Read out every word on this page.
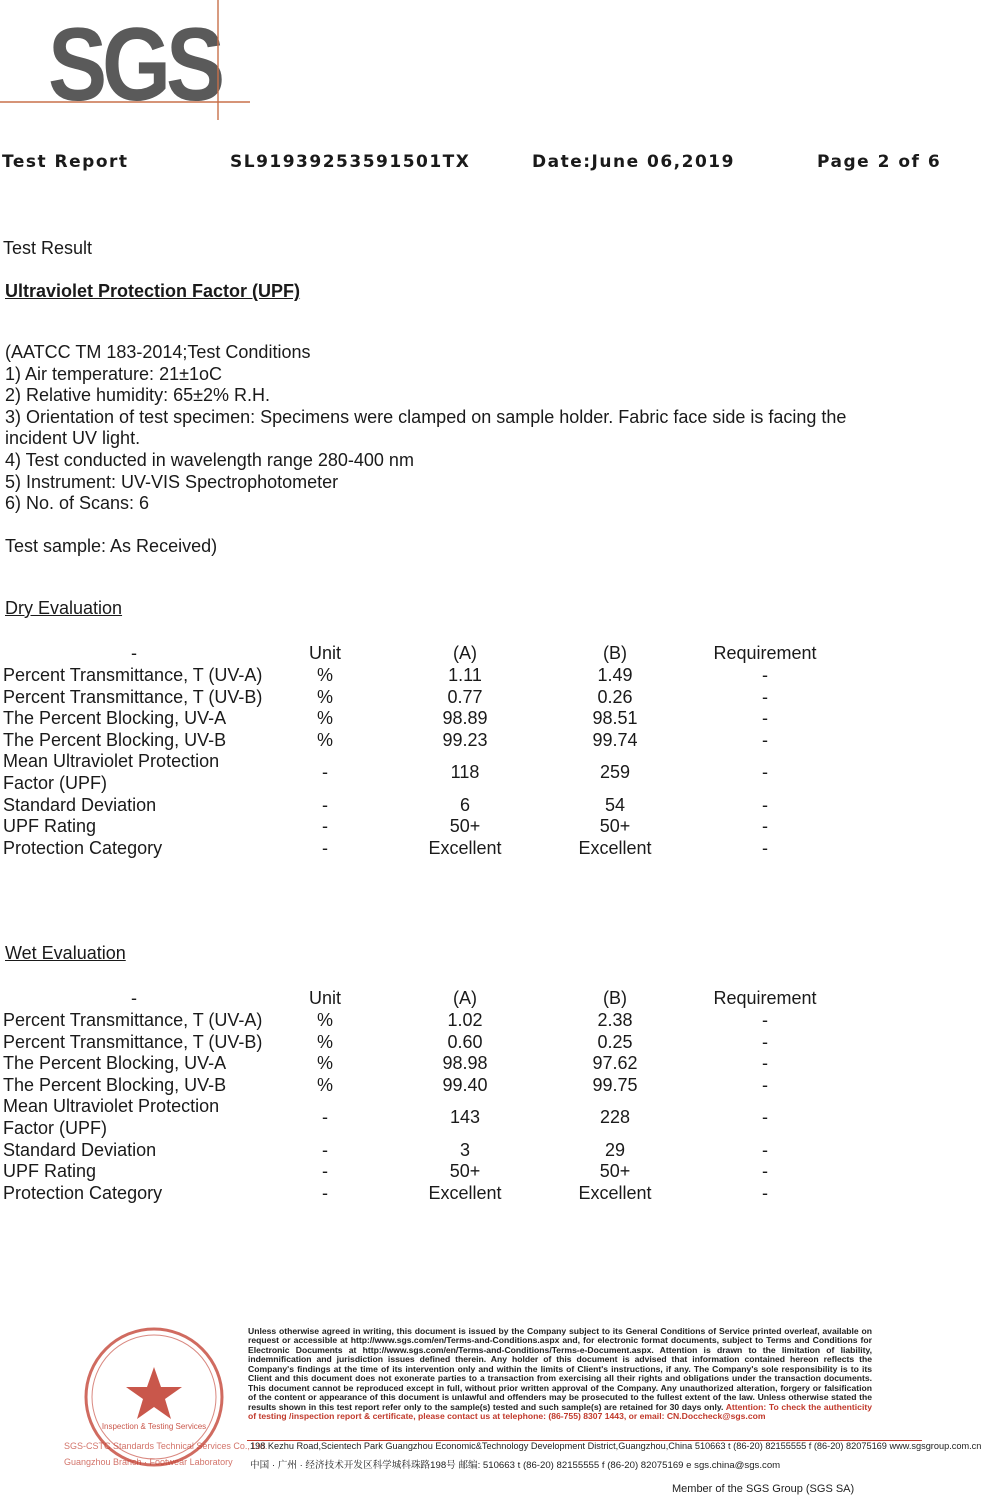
SGS
Test Report	SL91939253591501TX	Date:June 06,2019	Page 2 of 6
Test Result
Ultraviolet Protection Factor (UPF)
(AATCC TM 183-2014;Test Conditions
1) Air temperature: 21±1oC
2) Relative humidity: 65±2% R.H.
3) Orientation of test specimen: Specimens were clamped on sample holder. Fabric face side is facing the incident UV light.
4) Test conducted in wavelength range 280-400 nm
5) Instrument: UV-VIS Spectrophotometer
6) No. of Scans: 6
Test sample: As Received)
Dry Evaluation
-	Unit	(A)	(B)	Requirement
Percent Transmittance, T (UV-A)	%	1.11	1.49	-
Percent Transmittance, T (UV-B)	%	0.77	0.26	-
The Percent Blocking, UV-A	%	98.89	98.51	-
The Percent Blocking, UV-B	%	99.23	99.74	-
Mean Ultraviolet Protection Factor (UPF)	-	118	259	-
Standard Deviation	-	6	54	-
UPF Rating	-	50+	50+	-
Protection Category	-	Excellent	Excellent	-
Wet Evaluation
-	Unit	(A)	(B)	Requirement
Percent Transmittance, T (UV-A)	%	1.02	2.38	-
Percent Transmittance, T (UV-B)	%	0.60	0.25	-
The Percent Blocking, UV-A	%	98.98	97.62	-
The Percent Blocking, UV-B	%	99.40	99.75	-
Mean Ultraviolet Protection Factor (UPF)	-	143	228	-
Standard Deviation	-	3	29	-
UPF Rating	-	50+	50+	-
Protection Category	-	Excellent	Excellent	-
Inspection & Testing Services
SGS-CSTC Standards Technical Services Co., Ltd.
Guangzhou Branch · Footwear Laboratory
Unless otherwise agreed in writing, this document is issued by the Company subject to its General Conditions of Service printed overleaf, available on request or accessible at http://www.sgs.com/en/Terms-and-Conditions.aspx and, for electronic format documents, subject to Terms and Conditions for Electronic Documents at http://www.sgs.com/en/Terms-and-Conditions/Terms-e-Document.aspx. Attention is drawn to the limitation of liability, indemnification and jurisdiction issues defined therein. Any holder of this document is advised that information contained hereon reflects the Company's findings at the time of its intervention only and within the limits of Client's instructions, if any. The Company's sole responsibility is to its Client and this document does not exonerate parties to a transaction from exercising all their rights and obligations under the transaction documents. This document cannot be reproduced except in full, without prior written approval of the Company. Any unauthorized alteration, forgery or falsification of the content or appearance of this document is unlawful and offenders may be prosecuted to the fullest extent of the law. Unless otherwise stated the results shown in this test report refer only to the sample(s) tested and such sample(s) are retained for 30 days only. Attention: To check the authenticity of testing /inspection report & certificate, please contact us at telephone: (86-755) 8307 1443, or email: CN.Doccheck@sgs.com
198 Kezhu Road,Scientech Park Guangzhou Economic&Technology Development District,Guangzhou,China 510663 t (86-20) 82155555 f (86-20) 82075169 www.sgsgroup.com.cn
中国 · 广州 · 经济技术开发区科学城科珠路198号 邮编: 510663 t (86-20) 82155555 f (86-20) 82075169 e sgs.china@sgs.com
Member of the SGS Group (SGS SA)
